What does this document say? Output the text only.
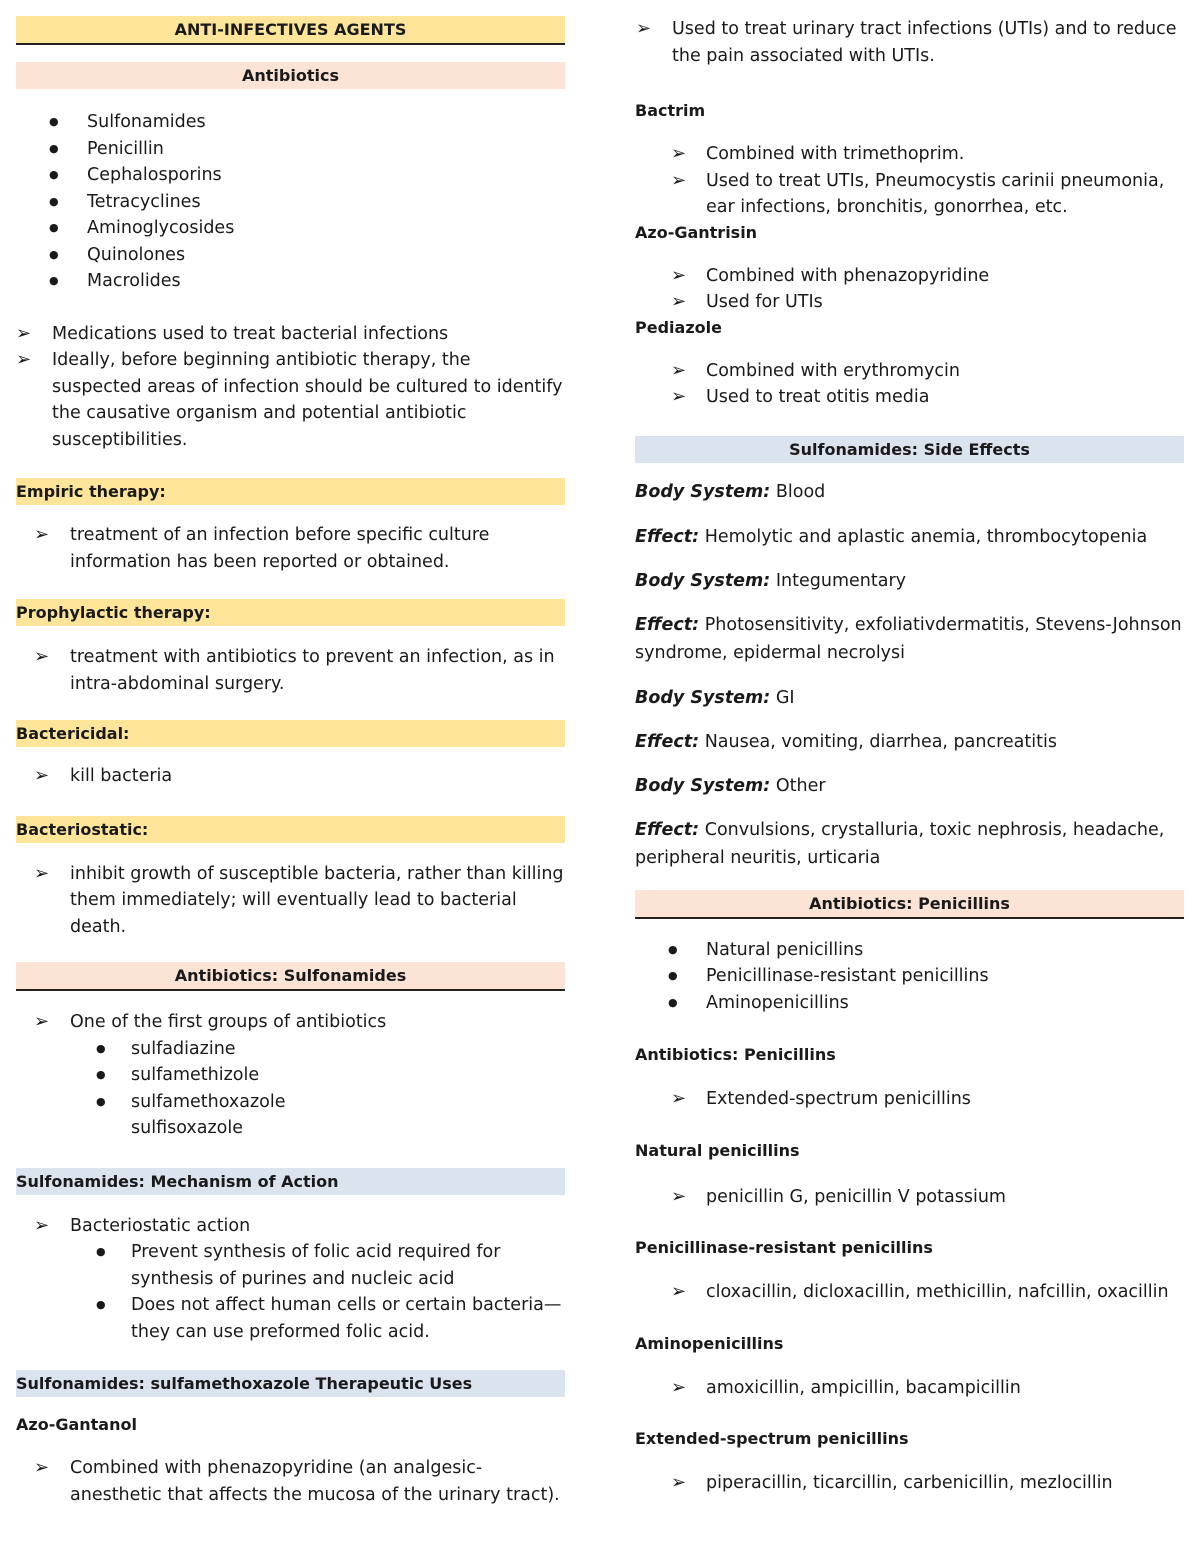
ANTI-INFECTIVES AGENTS
Antibiotics
● Sulfonamides
● Penicillin
● Cephalosporins
● Tetracyclines
● Aminoglycosides
● Quinolones
● Macrolides
➢ Medications used to treat bacterial infections
➢ Ideally, before beginning antibiotic therapy, the suspected areas of infection should be cultured to identify the causative organism and potential antibiotic susceptibilities.
Empiric therapy:
➢ treatment of an infection before specific culture information has been reported or obtained.
Prophylactic therapy:
➢ treatment with antibiotics to prevent an infection, as in intra-abdominal surgery.
Bactericidal:
➢ kill bacteria
Bacteriostatic:
➢ inhibit growth of susceptible bacteria, rather than killing them immediately; will eventually lead to bacterial death.
Antibiotics: Sulfonamides
➢ One of the first groups of antibiotics
● sulfadiazine
● sulfamethizole
● sulfamethoxazole
sulfisoxazole
Sulfonamides: Mechanism of Action
➢ Bacteriostatic action
● Prevent synthesis of folic acid required for synthesis of purines and nucleic acid
● Does not affect human cells or certain bacteria—they can use preformed folic acid.
Sulfonamides: sulfamethoxazole Therapeutic Uses
Azo-Gantanol
➢ Combined with phenazopyridine (an analgesic-anesthetic that affects the mucosa of the urinary tract).
➢ Used to treat urinary tract infections (UTIs) and to reduce the pain associated with UTIs.
Bactrim
➢ Combined with trimethoprim.
➢ Used to treat UTIs, Pneumocystis carinii pneumonia, ear infections, bronchitis, gonorrhea, etc.
Azo-Gantrisin
➢ Combined with phenazopyridine
➢ Used for UTIs
Pediazole
➢ Combined with erythromycin
➢ Used to treat otitis media
Sulfonamides: Side Effects
Body System: Blood
Effect: Hemolytic and aplastic anemia, thrombocytopenia
Body System: Integumentary
Effect: Photosensitivity, exfoliativdermatitis, Stevens-Johnson syndrome, epidermal necrolysi
Body System: GI
Effect: Nausea, vomiting, diarrhea, pancreatitis
Body System: Other
Effect: Convulsions, crystalluria, toxic nephrosis, headache, peripheral neuritis, urticaria
Antibiotics: Penicillins
● Natural penicillins
● Penicillinase-resistant penicillins
● Aminopenicillins
Antibiotics: Penicillins
➢ Extended-spectrum penicillins
Natural penicillins
➢ penicillin G, penicillin V potassium
Penicillinase-resistant penicillins
➢ cloxacillin, dicloxacillin, methicillin, nafcillin, oxacillin
Aminopenicillins
➢ amoxicillin, ampicillin, bacampicillin
Extended-spectrum penicillins
➢ piperacillin, ticarcillin, carbenicillin, mezlocillin
